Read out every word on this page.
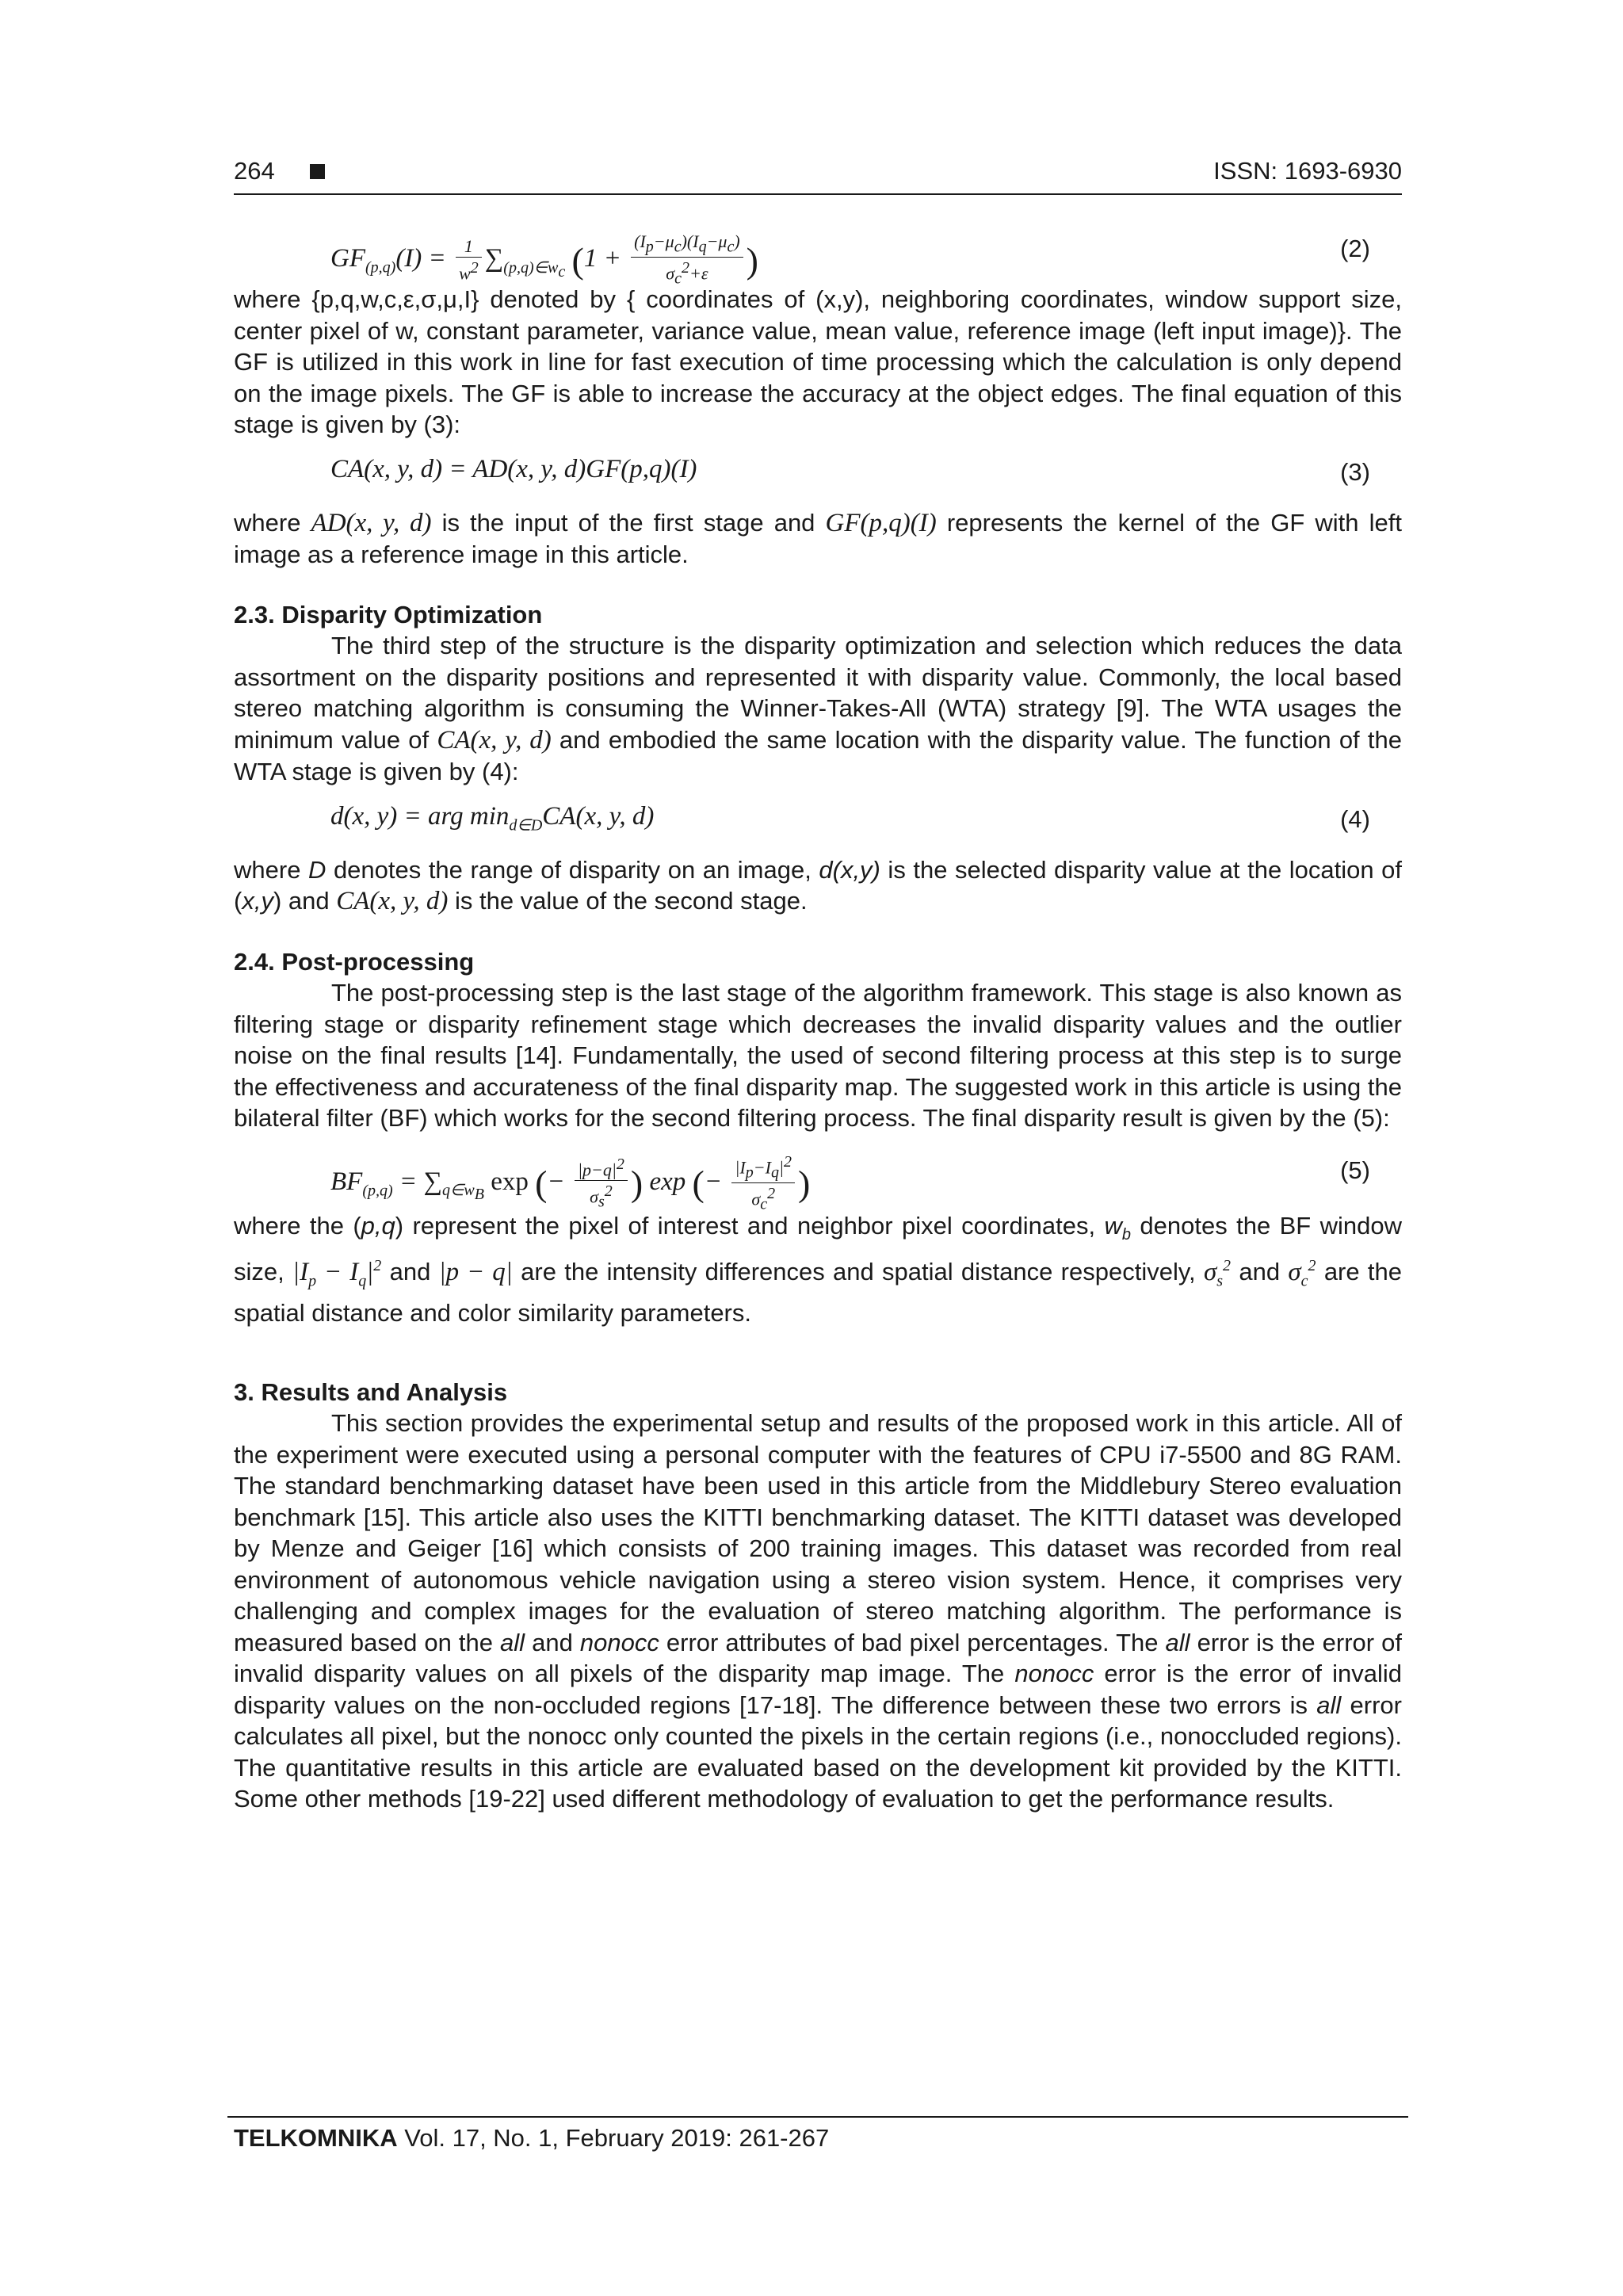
264	ISSN: 1693-6930
$GF_{(p,q)}(I) = \frac{1}{w^2} \sum_{(p,q)\in w_c}$ ($1 + \frac{(I_p-\mu_c)(I_q-\mu_c)}{\sigma_c^2+\varepsilon}$ )	(2)

where {p,q,w,c,ε,σ,μ,I} denoted by { coordinates of (x,y), neighboring coordinates, window support size, center pixel of w, constant parameter, variance value, mean value, reference image (left input image)}. The GF is utilized in this work in line for fast execution of time processing which the calculation is only depend on the image pixels. The GF is able to increase the accuracy at the object edges. The final equation of this stage is given by (3):

CA(x, y, d) = AD(x, y, d)GF(p,q)(I)	(3)

where AD(x, y, d) is the input of the first stage and GF(p,q)(I) represents the kernel of the GF with left image as a reference image in this article.

2.3. Disparity Optimization

The third step of the structure is the disparity optimization and selection which reduces the data assortment on the disparity positions and represented it with disparity value. Commonly, the local based stereo matching algorithm is consuming the Winner-Takes-All (WTA) strategy [9]. The WTA usages the minimum value of CA(x, y, d) and embodied the same location with the disparity value. The function of the WTA stage is given by (4):

d(x, y) = arg $\min_{d\in D}CA(x$, y, d)	(4)

where D denotes the range of disparity on an image, d(x,y) is the selected disparity value at the location of (x,y) and CA(x, y, d) is the value of the second stage.

2.4. Post-processing

The post-processing step is the last stage of the algorithm framework. This stage is also known as filtering stage or disparity refinement stage which decreases the invalid disparity values and the outlier noise on the final results [14]. Fundamentally, the used of second filtering process at this step is to surge the effectiveness and accurateness of the final disparity map. The suggested work in this article is using the bilateral filter (BF) which works for the second filtering process. The final disparity result is given by the (5):

$BF_{(p,q)} = \sum_{q\in w_B}$ exp (− $\frac{|p-q|^2}{\sigma_s^2}$ ) exp (− $\frac{|I_p-I_q|^2}{\sigma_c^2}$ )	(5)

where the (p,q) represent the pixel of interest and neighbor pixel coordinates, $w_b$ denotes the BF window size, $|I_p - I_q|^2$ and |p − q| are the intensity differences and spatial distance respectively, $\sigma_s^2$ and $\sigma_c^2$ are the spatial distance and color similarity parameters.

3. Results and Analysis

This section provides the experimental setup and results of the proposed work in this article. All of the experiment were executed using a personal computer with the features of CPU i7-5500 and 8G RAM. The standard benchmarking dataset have been used in this article from the Middlebury Stereo evaluation benchmark [15]. This article also uses the KITTI benchmarking dataset. The KITTI dataset was developed by Menze and Geiger [16] which consists of 200 training images. This dataset was recorded from real environment of autonomous vehicle navigation using a stereo vision system. Hence, it comprises very challenging and complex images for the evaluation of stereo matching algorithm. The performance is measured based on the all and nonocc error attributes of bad pixel percentages. The all error is the error of invalid disparity values on all pixels of the disparity map image. The nonocc error is the error of invalid disparity values on the non-occluded regions [17-18]. The difference between these two errors is all error calculates all pixel, but the nonocc only counted the pixels in the certain regions (i.e., nonoccluded regions). The quantitative results in this article are evaluated based on the development kit provided by the KITTI. Some other methods [19-22] used different methodology of evaluation to get the performance results.

TELKOMNIKA Vol. 17, No. 1, February 2019: 261-267
